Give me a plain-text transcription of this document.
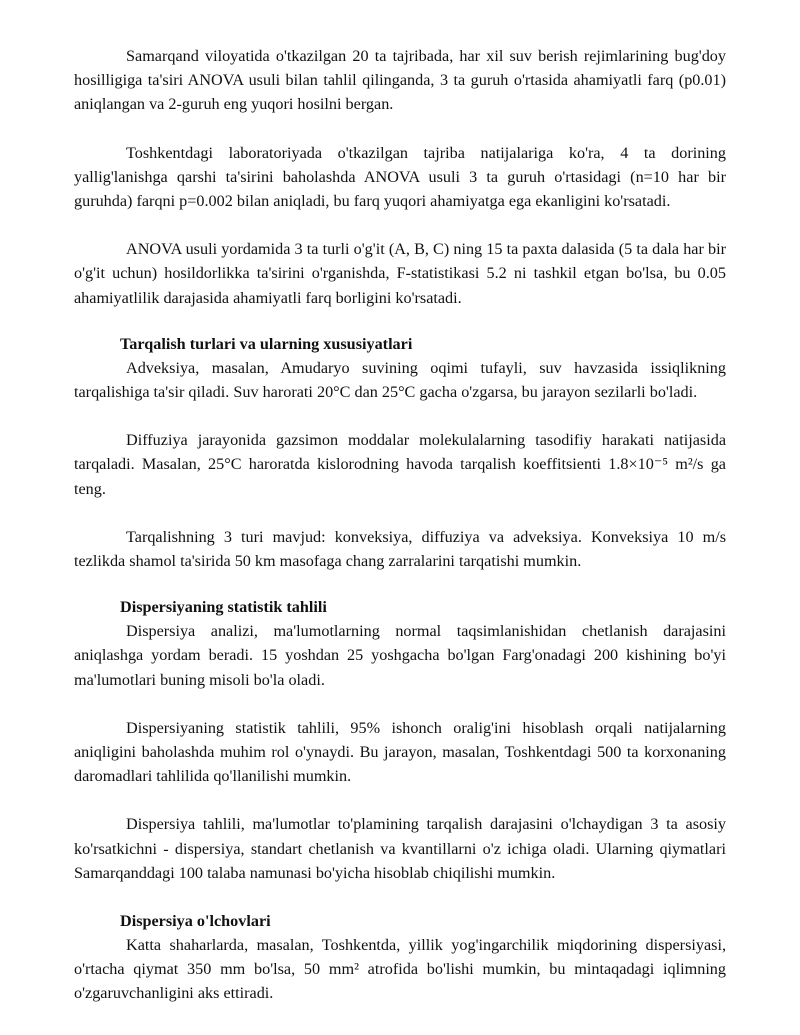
Samarqand viloyatida o'tkazilgan 20 ta tajribada, har xil suv berish rejimlarining bug'doy hosilligiga ta'siri ANOVA usuli bilan tahlil qilinganda, 3 ta guruh o'rtasida ahamiyatli farq (p0.01) aniqlangan va 2-guruh eng yuqori hosilni bergan.

Toshkentdagi laboratoriyada o'tkazilgan tajriba natijalariga ko'ra, 4 ta dorining yallig'lanishga qarshi ta'sirini baholashda ANOVA usuli 3 ta guruh o'rtasidagi (n=10 har bir guruhda) farqni p=0.002 bilan aniqladi, bu farq yuqori ahamiyatga ega ekanligini ko'rsatadi.

ANOVA usuli yordamida 3 ta turli o'g'it (A, B, C) ning 15 ta paxta dalasida (5 ta dala har bir o'g'it uchun) hosildorlikka ta'sirini o'rganishda, F-statistikasi 5.2 ni tashkil etgan bo'lsa, bu 0.05 ahamiyatlilik darajasida ahamiyatli farq borligini ko'rsatadi.

Tarqalish turlari va ularning xususiyatlari

Adveksiya, masalan, Amudaryo suvining oqimi tufayli, suv havzasida issiqlikning tarqalishiga ta'sir qiladi. Suv harorati 20°C dan 25°C gacha o'zgarsa, bu jarayon sezilarli bo'ladi.

Diffuziya jarayonida gazsimon moddalar molekulalarning tasodifiy harakati natijasida tarqaladi. Masalan, 25°C haroratda kislorodning havoda tarqalish koeffitsienti 1.8×10⁻⁵ m²/s ga teng.

Tarqalishning 3 turi mavjud: konveksiya, diffuziya va adveksiya. Konveksiya 10 m/s tezlikda shamol ta'sirida 50 km masofaga chang zarralarini tarqatishi mumkin.

Dispersiyaning statistik tahlili

Dispersiya analizi, ma'lumotlarning normal taqsimlanishidan chetlanish darajasini aniqlashga yordam beradi. 15 yoshdan 25 yoshgacha bo'lgan Farg'onadagi 200 kishining bo'yi ma'lumotlari buning misoli bo'la oladi.

Dispersiyaning statistik tahlili, 95% ishonch oralig'ini hisoblash orqali natijalarning aniqligini baholashda muhim rol o'ynaydi. Bu jarayon, masalan, Toshkentdagi 500 ta korxonaning daromadlari tahlilida qo'llanilishi mumkin.

Dispersiya tahlili, ma'lumotlar to'plamining tarqalish darajasini o'lchaydigan 3 ta asosiy ko'rsatkichni - dispersiya, standart chetlanish va kvantillarni o'z ichiga oladi. Ularning qiymatlari Samarqanddagi 100 talaba namunasi bo'yicha hisoblab chiqilishi mumkin.

Dispersiya o'lchovlari

Katta shaharlarda, masalan, Toshkentda, yillik yog'ingarchilik miqdorining dispersiyasi, o'rtacha qiymat 350 mm bo'lsa, 50 mm² atrofida bo'lishi mumkin, bu mintaqadagi iqlimning o'zgaruvchanligini aks ettiradi.
